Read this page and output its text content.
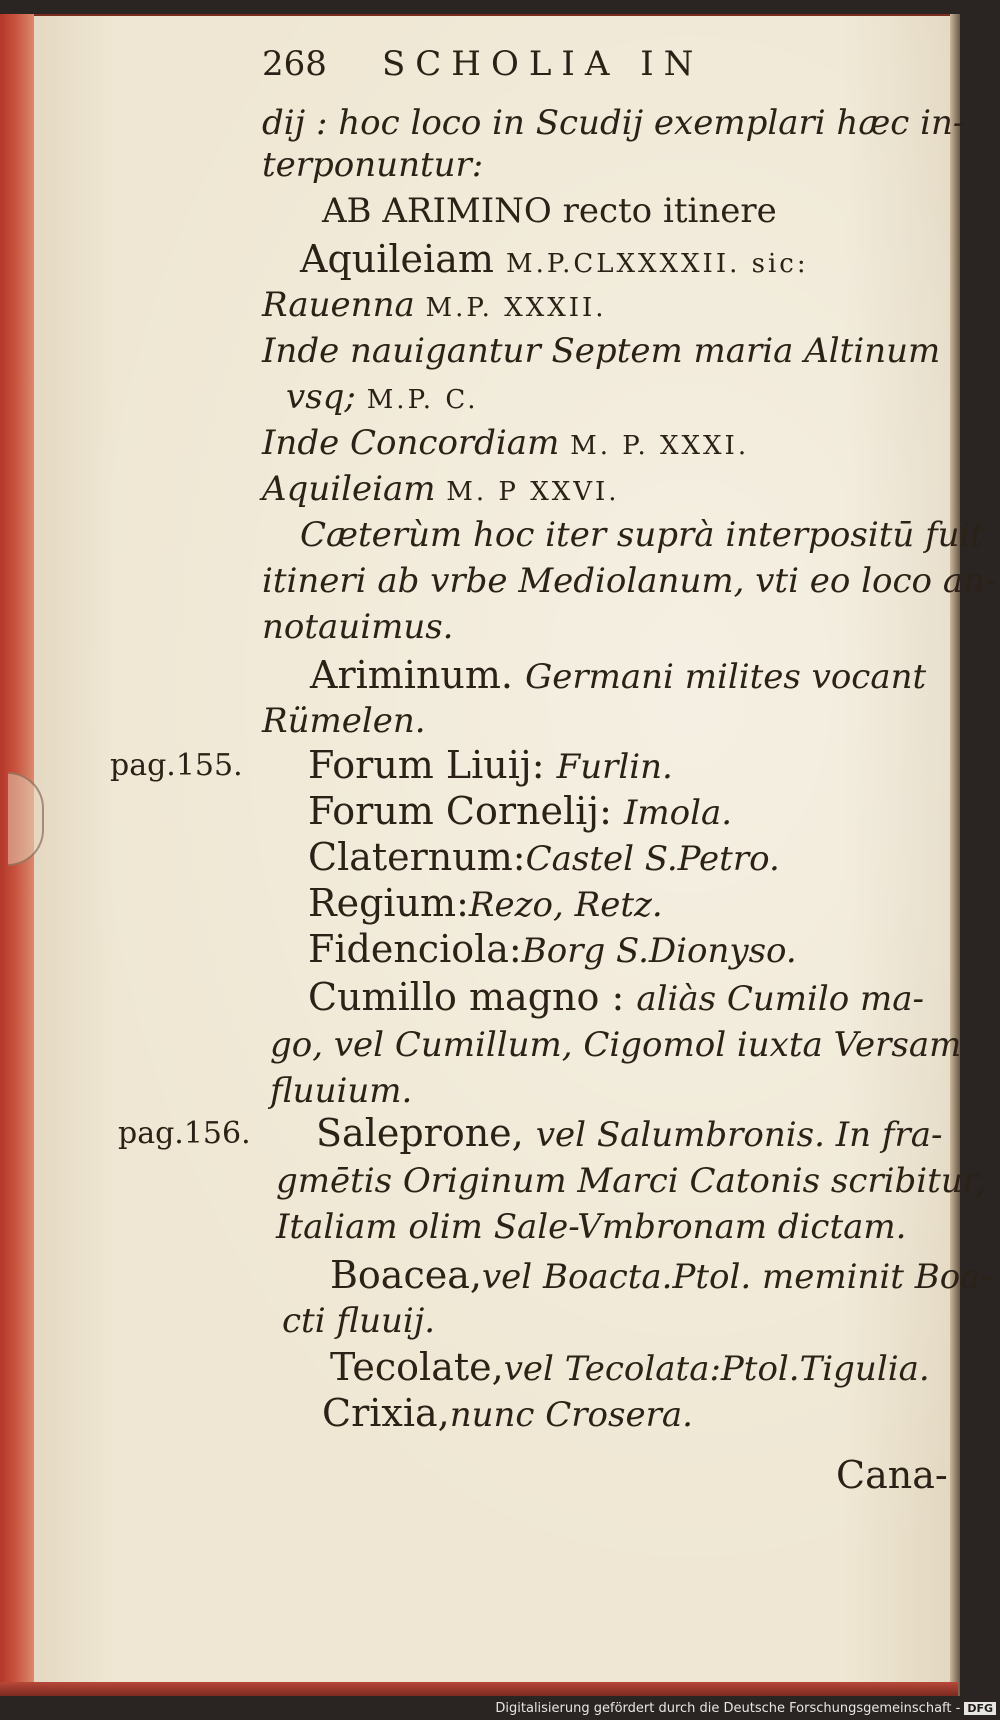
268 SCHOLIA IN
dij : hoc loco in Scudij exemplari hæc in-
terponuntur:
AB ARIMINO recto itinere
Aquileiam M.P.CLXXXXII. sic:
Rauenna M.P. XXXII.
Inde nauigantur Septem maria Altinum
vsq; M.P. C.
Inde Concordiam M. P. XXXI.
Aquileiam M. P XXVI.
Cæterùm hoc iter suprà interpositū fuit
itineri ab vrbe Mediolanum, vti eo loco an-
notauimus.
Ariminum. Germani milites vocant
Rümelen.
pag.155. Forum Liuij: Furlin.
Forum Cornelij: Imola.
Claternum:Castel S.Petro.
Regium:Rezo, Retz.
Fidenciola:Borg S.Dionyso.
Cumillo magno : aliàs Cumilo ma-
go, vel Cumillum, Cigomol iuxta Versam
fluuium.
pag.156. Saleprone, vel Salumbronis. In fra-
gmētis Originum Marci Catonis scribitur,
Italiam olim Sale-Vmbronam dictam.
Boacea,vel Boacta.Ptol. meminit Boa-
cti fluuij.
Tecolate,vel Tecolata:Ptol.Tigulia.
Crixia,nunc Crosera.
Cana-
Digitalisierung gefördert durch die Deutsche Forschungsgemeinschaft - DFG
